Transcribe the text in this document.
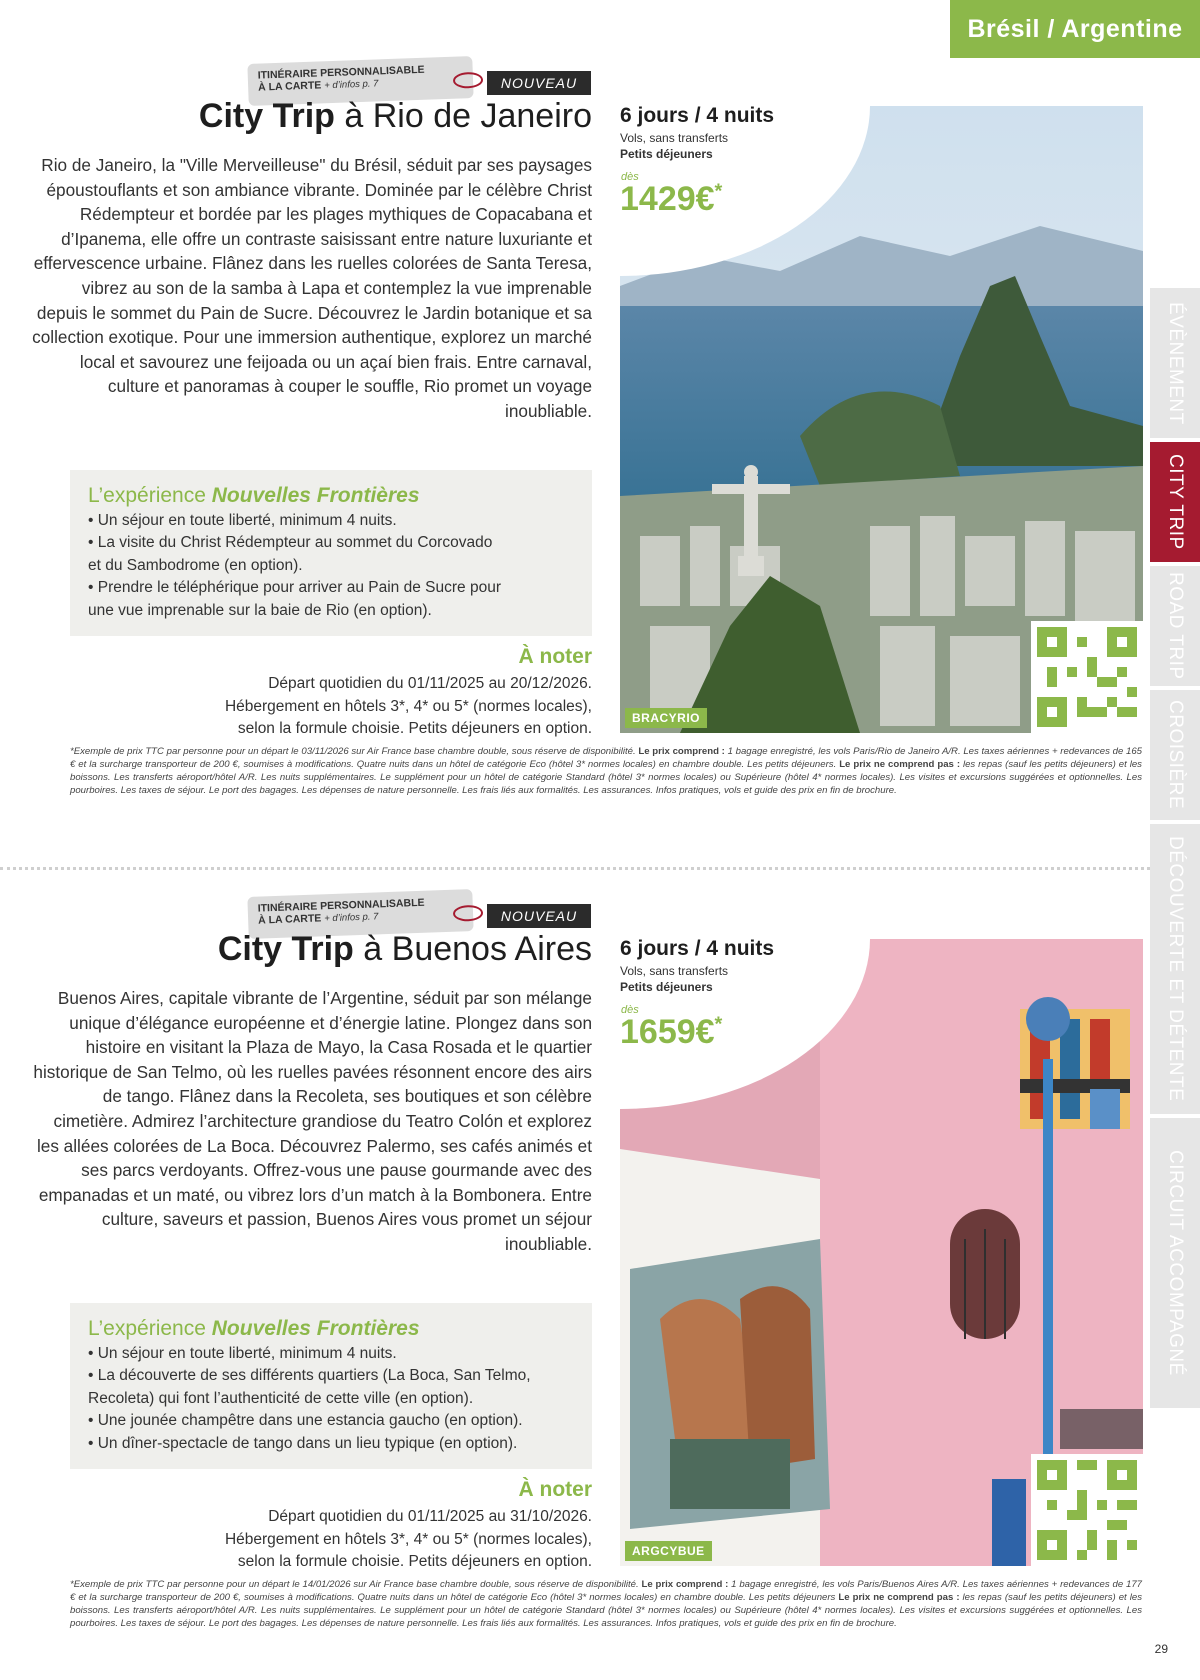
Brésil / Argentine
ÉVÈNEMENT
CITY TRIP
ROAD TRIP
CROISIÈRE
DÉCOUVERTE ET DÉTENTE
CIRCUIT ACCOMPAGNÉ
ITINÉRAIRE PERSONNALISABLE
À LA CARTE + d’infos p. 7	NOUVEAU
City Trip à Rio de Janeiro
Rio de Janeiro, la "Ville Merveilleuse" du Brésil, séduit par ses paysages époustouflants et son ambiance vibrante. Dominée par le célèbre Christ Rédempteur et bordée par les plages mythiques de Copacabana et d’Ipanema, elle offre un contraste saisissant entre nature luxuriante et effervescence urbaine. Flânez dans les ruelles colorées de Santa Teresa, vibrez au son de la samba à Lapa et contemplez la vue imprenable depuis le sommet du Pain de Sucre. Découvrez le Jardin botanique et sa collection exotique. Pour une immersion authentique, explorez un marché local et savourez une feijoada ou un açaí bien frais. Entre carnaval, culture et panoramas à couper le souffle, Rio promet un voyage inoubliable.
L’expérience Nouvelles Frontières
• Un séjour en toute liberté, minimum 4 nuits.
• La visite du Christ Rédempteur au sommet du Corcovado
et du Sambodrome (en option).
• Prendre le téléphérique pour arriver au Pain de Sucre pour
une vue imprenable sur la baie de Rio (en option).
À noter
Départ quotidien du 01/11/2025 au 20/12/2026.
Hébergement en hôtels 3*, 4* ou 5* (normes locales),
selon la formule choisie. Petits déjeuners en option.
BRACYRIO
6 jours / 4 nuits
Vols, sans transferts
Petits déjeuners
dès
1429€*
*Exemple de prix TTC par personne pour un départ le 03/11/2026 sur Air France base chambre double, sous réserve de disponibilité. Le prix comprend : 1 bagage enregistré, les vols Paris/Rio de Janeiro A/R. Les taxes aériennes + redevances de 165 € et la surcharge transporteur de 200 €, soumises à modifications. Quatre nuits dans un hôtel de catégorie Eco (hôtel 3* normes locales) en chambre double. Les petits déjeuners. Le prix ne comprend pas : les repas (sauf les petits déjeuners) et les boissons. Les transferts aéroport/hôtel A/R. Les nuits supplémentaires. Le supplément pour un hôtel de catégorie Standard (hôtel 3* normes locales) ou Supérieure (hôtel 4* normes locales). Les visites et excursions suggérées et optionnelles. Les pourboires. Les taxes de séjour. Le port des bagages. Les dépenses de nature personnelle. Les frais liés aux formalités. Les assurances. Infos pratiques, vols et guide des prix en fin de brochure.
ITINÉRAIRE PERSONNALISABLE
À LA CARTE + d’infos p. 7	NOUVEAU
City Trip à Buenos Aires
Buenos Aires, capitale vibrante de l’Argentine, séduit par son mélange unique d’élégance européenne et d’énergie latine. Plongez dans son histoire en visitant la Plaza de Mayo, la Casa Rosada et le quartier historique de San Telmo, où les ruelles pavées résonnent encore des airs de tango. Flânez dans la Recoleta, ses boutiques et son célèbre cimetière. Admirez l’architecture grandiose du Teatro Colón et explorez les allées colorées de La Boca. Découvrez Palermo, ses cafés animés et ses parcs verdoyants. Offrez-vous une pause gourmande avec des empanadas et un maté, ou vibrez lors d’un match à la Bombonera. Entre culture, saveurs et passion, Buenos Aires vous promet un séjour inoubliable.
L’expérience Nouvelles Frontières
• Un séjour en toute liberté, minimum 4 nuits.
• La découverte de ses différents quartiers (La Boca, San Telmo,
Recoleta) qui font l’authenticité de cette ville (en option).
• Une jounée champêtre dans une estancia gaucho (en option).
• Un dîner-spectacle de tango dans un lieu typique (en option).
À noter
Départ quotidien du 01/11/2025 au 31/10/2026.
Hébergement en hôtels 3*, 4* ou 5* (normes locales),
selon la formule choisie. Petits déjeuners en option.
ARGCYBUE
6 jours / 4 nuits
Vols, sans transferts
Petits déjeuners
dès
1659€*
*Exemple de prix TTC par personne pour un départ le 14/01/2026 sur Air France base chambre double, sous réserve de disponibilité. Le prix comprend : 1 bagage enregistré, les vols Paris/Buenos Aires A/R. Les taxes aériennes + redevances de 177 € et la surcharge transporteur de 200 €, soumises à modifications. Quatre nuits dans un hôtel de catégorie Eco (hôtel 3* normes locales) en chambre double. Les petits déjeuners Le prix ne comprend pas : les repas (sauf les petits déjeuners) et les boissons. Les transferts aéroport/hôtel A/R. Les nuits supplémentaires. Le supplément pour un hôtel de catégorie Standard (hôtel 3* normes locales) ou Supérieure (hôtel 4* normes locales). Les visites et excursions suggérées et optionnelles. Les pourboires. Les taxes de séjour. Le port des bagages. Les dépenses de nature personnelle. Les frais liés aux formalités. Les assurances. Infos pratiques, vols et guide des prix en fin de brochure.
29
